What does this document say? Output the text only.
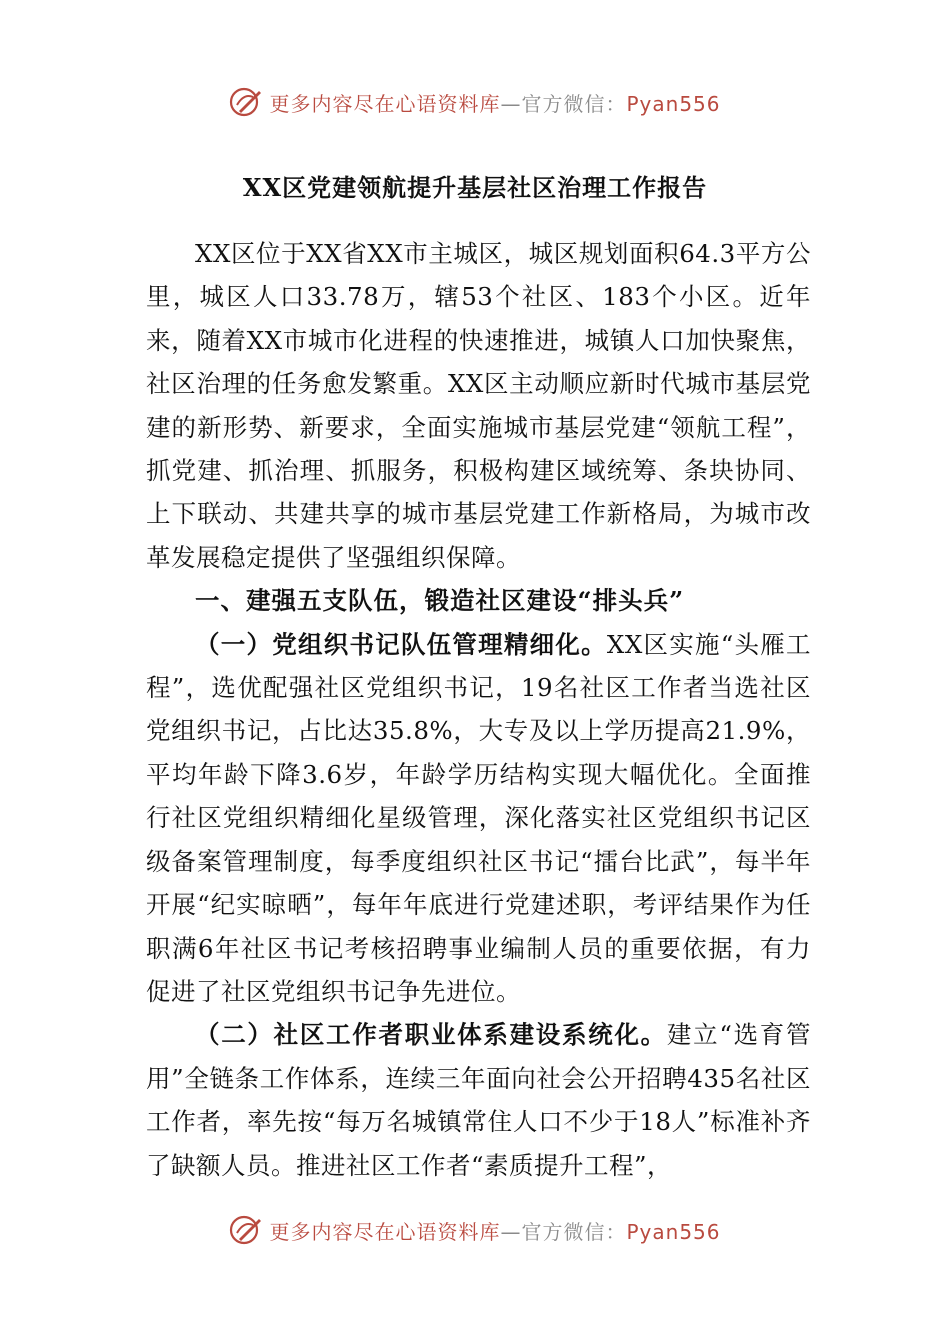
更多内容尽在心语资料库—官方微信：Pyan556
XX区党建领航提升基层社区治理工作报告

XX区位于XX省XX市主城区，城区规划面积64.3平方公里，城区人口33.78万，辖53个社区、183个小区。近年来，随着XX市城市化进程的快速推进，城镇人口加快聚焦，社区治理的任务愈发繁重。XX区主动顺应新时代城市基层党建的新形势、新要求，全面实施城市基层党建“领航工程”，抓党建、抓治理、抓服务，积极构建区域统筹、条块协同、上下联动、共建共享的城市基层党建工作新格局，为城市改革发展稳定提供了坚强组织保障。

一、建强五支队伍，锻造社区建设“排头兵”

（一）党组织书记队伍管理精细化。XX区实施“头雁工程”，选优配强社区党组织书记，19名社区工作者当选社区党组织书记，占比达35.8%，大专及以上学历提高21.9%，平均年龄下降3.6岁，年龄学历结构实现大幅优化。全面推行社区党组织精细化星级管理，深化落实社区党组织书记区级备案管理制度，每季度组织社区书记“擂台比武”，每半年开展“纪实晾晒”，每年年底进行党建述职，考评结果作为任职满6年社区书记考核招聘事业编制人员的重要依据，有力促进了社区党组织书记争先进位。

（二）社区工作者职业体系建设系统化。建立“选育管用”全链条工作体系，连续三年面向社会公开招聘435名社区工作者，率先按“每万名城镇常住人口不少于18人”标准补齐了缺额人员。推进社区工作者“素质提升工程”，

更多内容尽在心语资料库—官方微信：Pyan556
